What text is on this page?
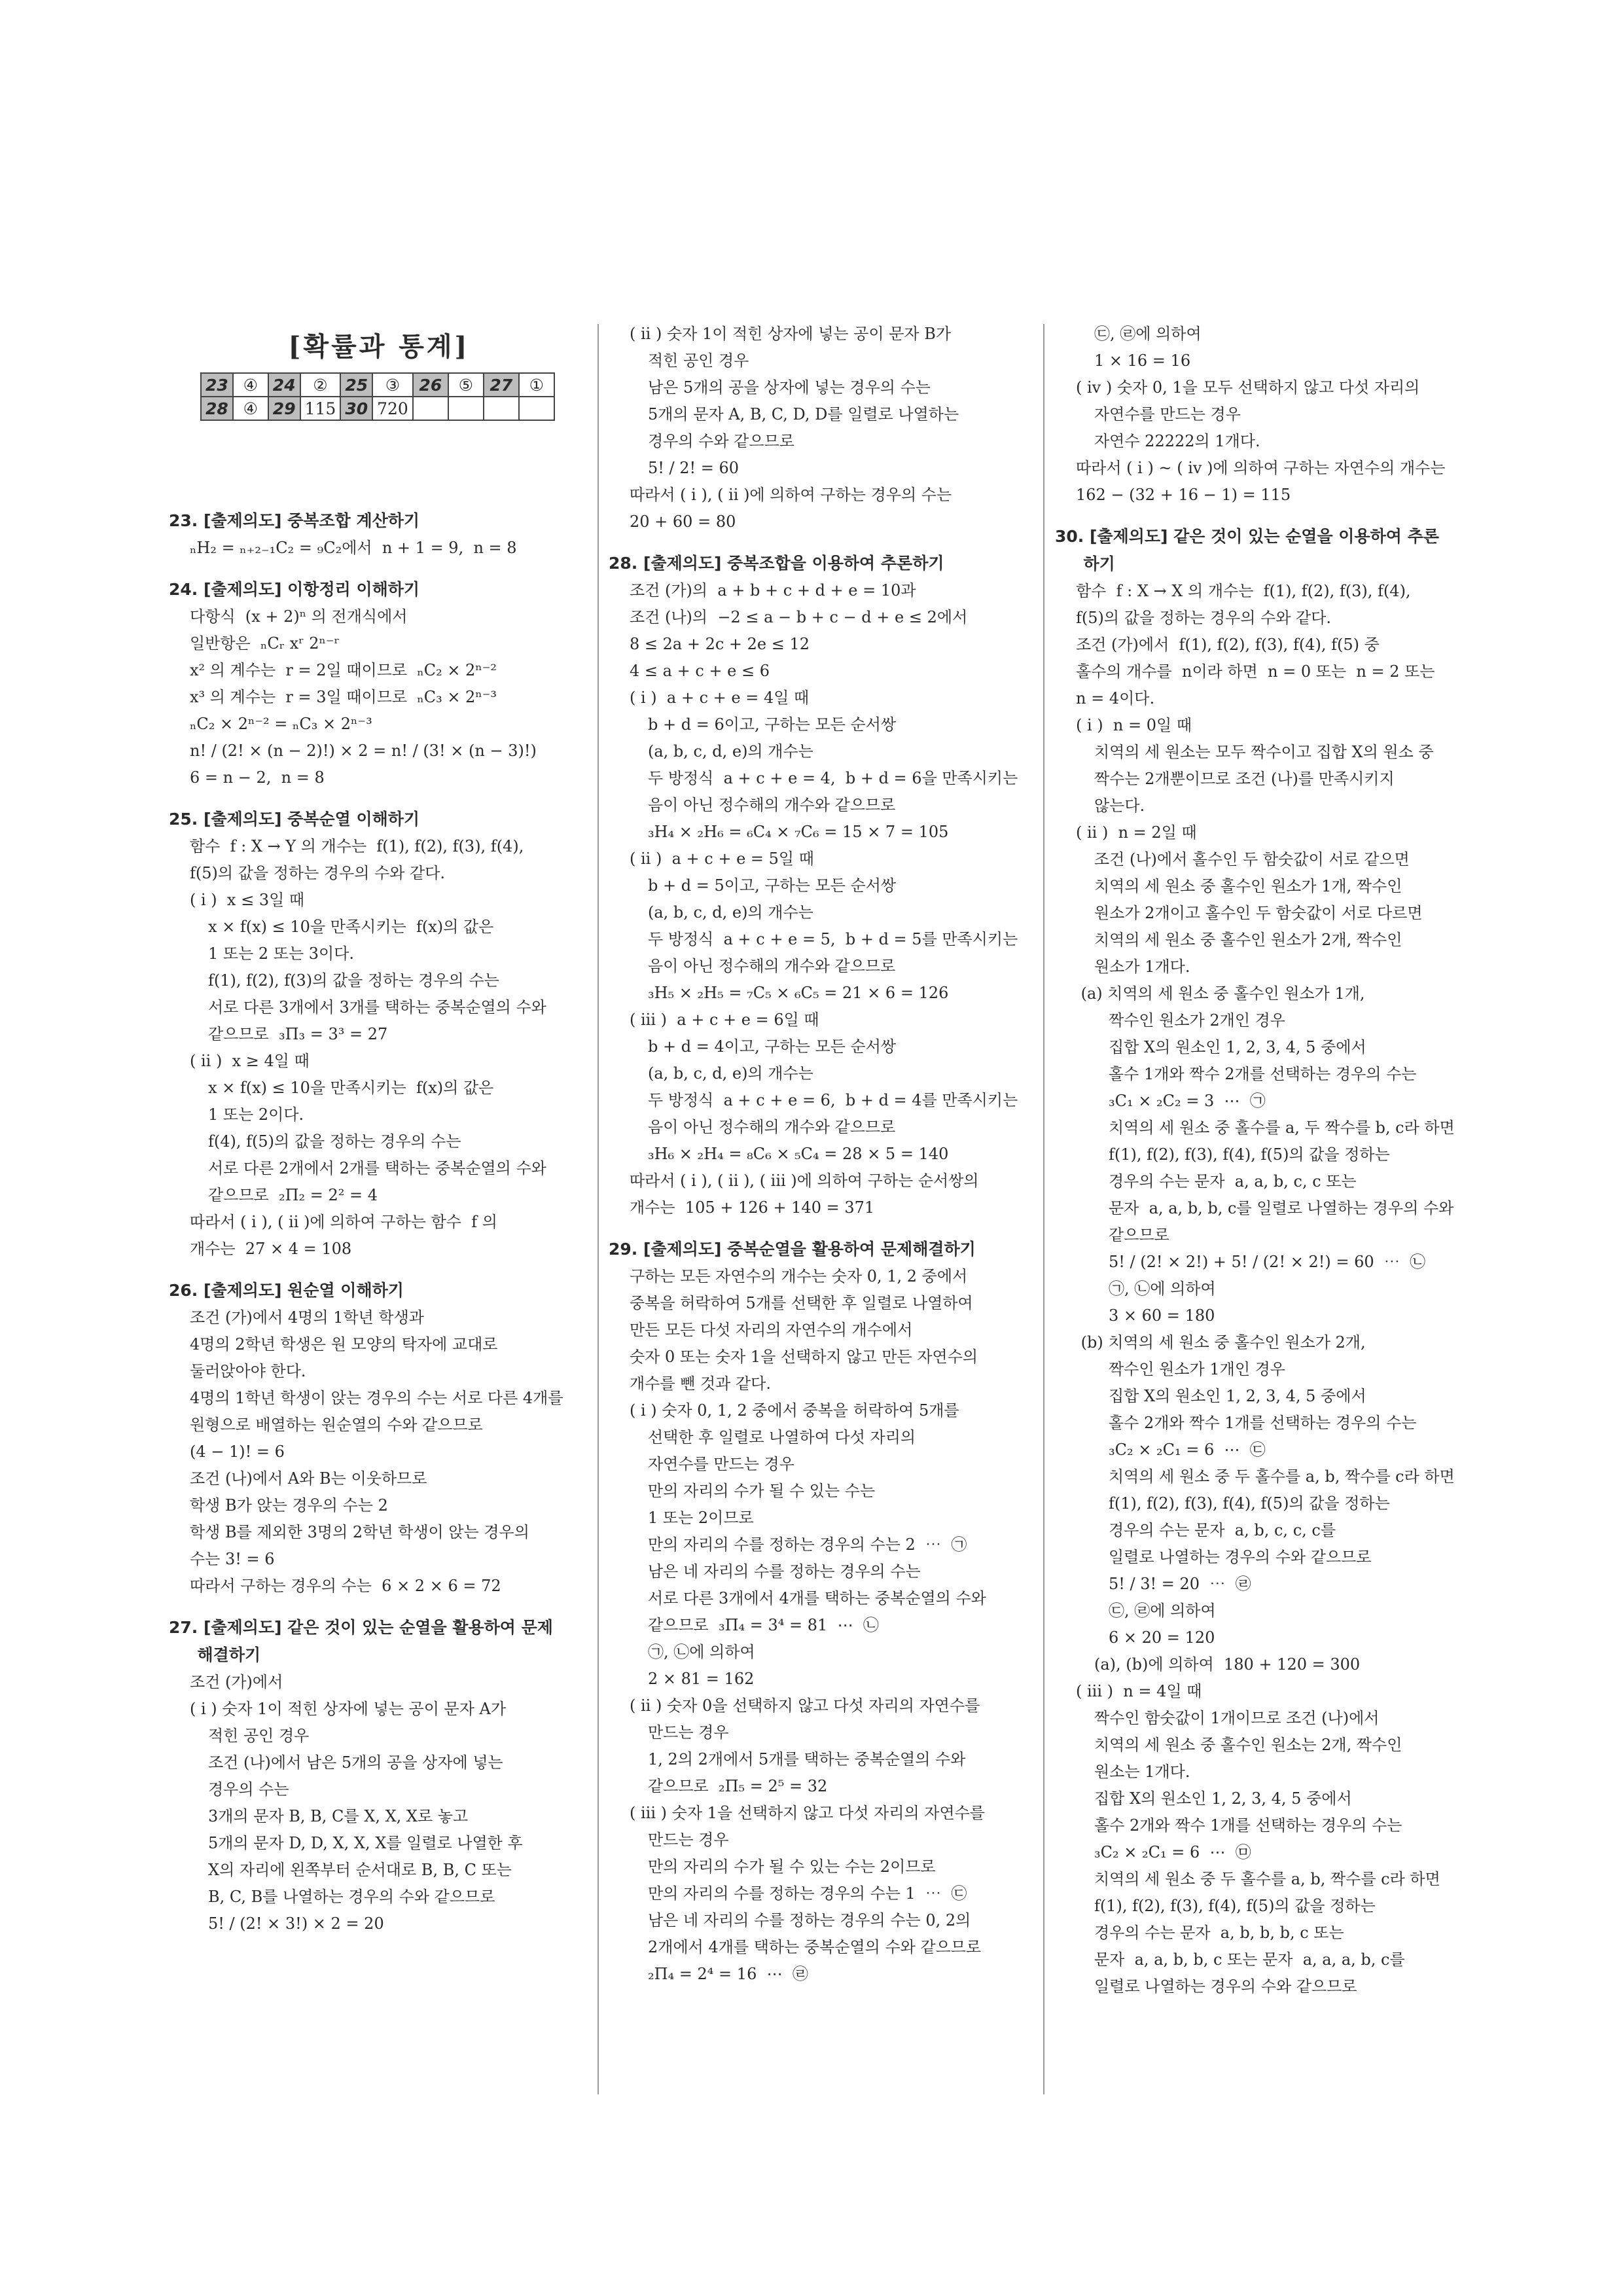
[확률과 통계]
23	④	24	②	25	③	26	⑤	27	①
28	④	29	115	30	720				
23. [출제의도] 중복조합 계산하기
ₙH₂ = ₙ₊₂₋₁C₂ = ₉C₂에서  n + 1 = 9,  n = 8
24. [출제의도] 이항정리 이해하기
다항식  (x + 2)ⁿ 의 전개식에서
일반항은  ₙCᵣ xʳ 2ⁿ⁻ʳ
x² 의 계수는  r = 2일 때이므로  ₙC₂ × 2ⁿ⁻²
x³ 의 계수는  r = 3일 때이므로  ₙC₃ × 2ⁿ⁻³
ₙC₂ × 2ⁿ⁻² = ₙC₃ × 2ⁿ⁻³
n! / (2! × (n − 2)!) × 2 = n! / (3! × (n − 3)!)
6 = n − 2,  n = 8
25. [출제의도] 중복순열 이해하기
함수  f : X → Y 의 개수는  f(1), f(2), f(3), f(4),
f(5)의 값을 정하는 경우의 수와 같다.
( i )  x ≤ 3일 때
x × f(x) ≤ 10을 만족시키는  f(x)의 값은
1 또는 2 또는 3이다.
f(1), f(2), f(3)의 값을 정하는 경우의 수는
서로 다른 3개에서 3개를 택하는 중복순열의 수와
같으므로  ₃Π₃ = 3³ = 27
( ii )  x ≥ 4일 때
x × f(x) ≤ 10을 만족시키는  f(x)의 값은
1 또는 2이다.
f(4), f(5)의 값을 정하는 경우의 수는
서로 다른 2개에서 2개를 택하는 중복순열의 수와
같으므로  ₂Π₂ = 2² = 4
따라서 ( i ), ( ii )에 의하여 구하는 함수  f 의
개수는  27 × 4 = 108
26. [출제의도] 원순열 이해하기
조건 (가)에서 4명의 1학년 학생과
4명의 2학년 학생은 원 모양의 탁자에 교대로
둘러앉아야 한다.
4명의 1학년 학생이 앉는 경우의 수는 서로 다른 4개를
원형으로 배열하는 원순열의 수와 같으므로
(4 − 1)! = 6
조건 (나)에서 A와 B는 이웃하므로
학생 B가 앉는 경우의 수는 2
학생 B를 제외한 3명의 2학년 학생이 앉는 경우의
수는 3! = 6
따라서 구하는 경우의 수는  6 × 2 × 6 = 72
27. [출제의도] 같은 것이 있는 순열을 활용하여 문제
해결하기
조건 (가)에서
( i ) 숫자 1이 적힌 상자에 넣는 공이 문자 A가
적힌 공인 경우
조건 (나)에서 남은 5개의 공을 상자에 넣는
경우의 수는
3개의 문자 B, B, C를 X, X, X로 놓고
5개의 문자 D, D, X, X, X를 일렬로 나열한 후
X의 자리에 왼쪽부터 순서대로 B, B, C 또는
B, C, B를 나열하는 경우의 수와 같으므로
5! / (2! × 3!) × 2 = 20
( ii ) 숫자 1이 적힌 상자에 넣는 공이 문자 B가
적힌 공인 경우
남은 5개의 공을 상자에 넣는 경우의 수는
5개의 문자 A, B, C, D, D를 일렬로 나열하는
경우의 수와 같으므로
5! / 2! = 60
따라서 ( i ), ( ii )에 의하여 구하는 경우의 수는
20 + 60 = 80
28. [출제의도] 중복조합을 이용하여 추론하기
조건 (가)의  a + b + c + d + e = 10과
조건 (나)의  −2 ≤ a − b + c − d + e ≤ 2에서
8 ≤ 2a + 2c + 2e ≤ 12
4 ≤ a + c + e ≤ 6
( i )  a + c + e = 4일 때
b + d = 6이고, 구하는 모든 순서쌍
(a, b, c, d, e)의 개수는
두 방정식  a + c + e = 4,  b + d = 6을 만족시키는
음이 아닌 정수해의 개수와 같으므로
₃H₄ × ₂H₆ = ₆C₄ × ₇C₆ = 15 × 7 = 105
( ii )  a + c + e = 5일 때
b + d = 5이고, 구하는 모든 순서쌍
(a, b, c, d, e)의 개수는
두 방정식  a + c + e = 5,  b + d = 5를 만족시키는
음이 아닌 정수해의 개수와 같으므로
₃H₅ × ₂H₅ = ₇C₅ × ₆C₅ = 21 × 6 = 126
( iii )  a + c + e = 6일 때
b + d = 4이고, 구하는 모든 순서쌍
(a, b, c, d, e)의 개수는
두 방정식  a + c + e = 6,  b + d = 4를 만족시키는
음이 아닌 정수해의 개수와 같으므로
₃H₆ × ₂H₄ = ₈C₆ × ₅C₄ = 28 × 5 = 140
따라서 ( i ), ( ii ), ( iii )에 의하여 구하는 순서쌍의
개수는  105 + 126 + 140 = 371
29. [출제의도] 중복순열을 활용하여 문제해결하기
구하는 모든 자연수의 개수는 숫자 0, 1, 2 중에서
중복을 허락하여 5개를 선택한 후 일렬로 나열하여
만든 모든 다섯 자리의 자연수의 개수에서
숫자 0 또는 숫자 1을 선택하지 않고 만든 자연수의
개수를 뺀 것과 같다.
( i ) 숫자 0, 1, 2 중에서 중복을 허락하여 5개를
선택한 후 일렬로 나열하여 다섯 자리의
자연수를 만드는 경우
만의 자리의 수가 될 수 있는 수는
1 또는 2이므로
만의 자리의 수를 정하는 경우의 수는 2  ⋯  ㉠
남은 네 자리의 수를 정하는 경우의 수는
서로 다른 3개에서 4개를 택하는 중복순열의 수와
같으므로  ₃Π₄ = 3⁴ = 81  ⋯  ㉡
㉠, ㉡에 의하여
2 × 81 = 162
( ii ) 숫자 0을 선택하지 않고 다섯 자리의 자연수를
만드는 경우
1, 2의 2개에서 5개를 택하는 중복순열의 수와
같으므로  ₂Π₅ = 2⁵ = 32
( iii ) 숫자 1을 선택하지 않고 다섯 자리의 자연수를
만드는 경우
만의 자리의 수가 될 수 있는 수는 2이므로
만의 자리의 수를 정하는 경우의 수는 1  ⋯  ㉢
남은 네 자리의 수를 정하는 경우의 수는 0, 2의
2개에서 4개를 택하는 중복순열의 수와 같으므로
₂Π₄ = 2⁴ = 16  ⋯  ㉣
㉢, ㉣에 의하여
1 × 16 = 16
( iv ) 숫자 0, 1을 모두 선택하지 않고 다섯 자리의
자연수를 만드는 경우
자연수 22222의 1개다.
따라서 ( i ) ~ ( iv )에 의하여 구하는 자연수의 개수는
162 − (32 + 16 − 1) = 115
30. [출제의도] 같은 것이 있는 순열을 이용하여 추론
하기
함수  f : X → X 의 개수는  f(1), f(2), f(3), f(4),
f(5)의 값을 정하는 경우의 수와 같다.
조건 (가)에서  f(1), f(2), f(3), f(4), f(5) 중
홀수의 개수를  n이라 하면  n = 0 또는  n = 2 또는
n = 4이다.
( i )  n = 0일 때
치역의 세 원소는 모두 짝수이고 집합 X의 원소 중
짝수는 2개뿐이므로 조건 (나)를 만족시키지
않는다.
( ii )  n = 2일 때
조건 (나)에서 홀수인 두 함숫값이 서로 같으면
치역의 세 원소 중 홀수인 원소가 1개, 짝수인
원소가 2개이고 홀수인 두 함숫값이 서로 다르면
치역의 세 원소 중 홀수인 원소가 2개, 짝수인
원소가 1개다.
(a) 치역의 세 원소 중 홀수인 원소가 1개,
짝수인 원소가 2개인 경우
집합 X의 원소인 1, 2, 3, 4, 5 중에서
홀수 1개와 짝수 2개를 선택하는 경우의 수는
₃C₁ × ₂C₂ = 3  ⋯  ㉠
치역의 세 원소 중 홀수를 a, 두 짝수를 b, c라 하면
f(1), f(2), f(3), f(4), f(5)의 값을 정하는
경우의 수는 문자  a, a, b, c, c 또는
문자  a, a, b, b, c를 일렬로 나열하는 경우의 수와
같으므로
5! / (2! × 2!) + 5! / (2! × 2!) = 60  ⋯  ㉡
㉠, ㉡에 의하여
3 × 60 = 180
(b) 치역의 세 원소 중 홀수인 원소가 2개,
짝수인 원소가 1개인 경우
집합 X의 원소인 1, 2, 3, 4, 5 중에서
홀수 2개와 짝수 1개를 선택하는 경우의 수는
₃C₂ × ₂C₁ = 6  ⋯  ㉢
치역의 세 원소 중 두 홀수를 a, b, 짝수를 c라 하면
f(1), f(2), f(3), f(4), f(5)의 값을 정하는
경우의 수는 문자  a, b, c, c, c를
일렬로 나열하는 경우의 수와 같으므로
5! / 3! = 20  ⋯  ㉣
㉢, ㉣에 의하여
6 × 20 = 120
(a), (b)에 의하여  180 + 120 = 300
( iii )  n = 4일 때
짝수인 함숫값이 1개이므로 조건 (나)에서
치역의 세 원소 중 홀수인 원소는 2개, 짝수인
원소는 1개다.
집합 X의 원소인 1, 2, 3, 4, 5 중에서
홀수 2개와 짝수 1개를 선택하는 경우의 수는
₃C₂ × ₂C₁ = 6  ⋯  ㉤
치역의 세 원소 중 두 홀수를 a, b, 짝수를 c라 하면
f(1), f(2), f(3), f(4), f(5)의 값을 정하는
경우의 수는 문자  a, b, b, b, c 또는
문자  a, a, b, b, c 또는 문자  a, a, a, b, c를
일렬로 나열하는 경우의 수와 같으므로
